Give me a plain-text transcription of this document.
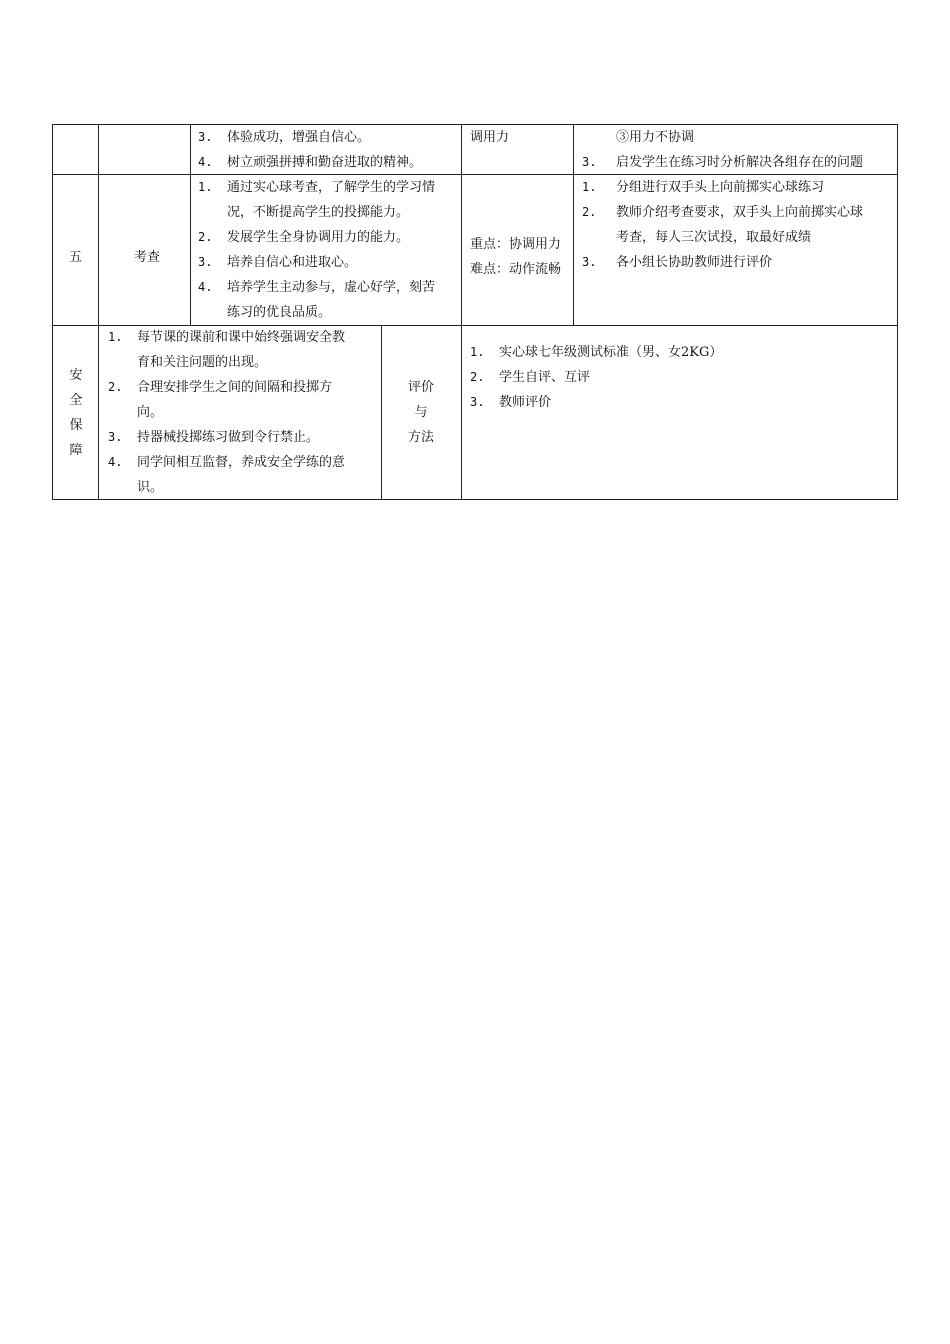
3. 体验成功，增强自信心。
4. 树立顽强拼搏和勤奋进取的精神。
调用力	③用力不协调
3. 启发学生在练习时分析解决各组存在的问题
五	考查
1. 通过实心球考查，了解学生的学习情
况，不断提高学生的投掷能力。
2. 发展学生全身协调用力的能力。
3. 培养自信心和进取心。
4. 培养学生主动参与，虚心好学，刻苦
练习的优良品质。
重点：协调用力
难点：动作流畅
1. 分组进行双手头上向前掷实心球练习
2. 教师介绍考查要求，双手头上向前掷实心球
考查，每人三次试投，取最好成绩
3. 各小组长协助教师进行评价
安全保障
1. 每节课的课前和课中始终强调安全教
育和关注问题的出现。
2. 合理安排学生之间的间隔和投掷方
向。
3. 持器械投掷练习做到令行禁止。
4. 同学间相互监督，养成安全学练的意
识。
评价
与
方法
1. 实心球七年级测试标准（男、女2KG）
2. 学生自评、互评
3. 教师评价
